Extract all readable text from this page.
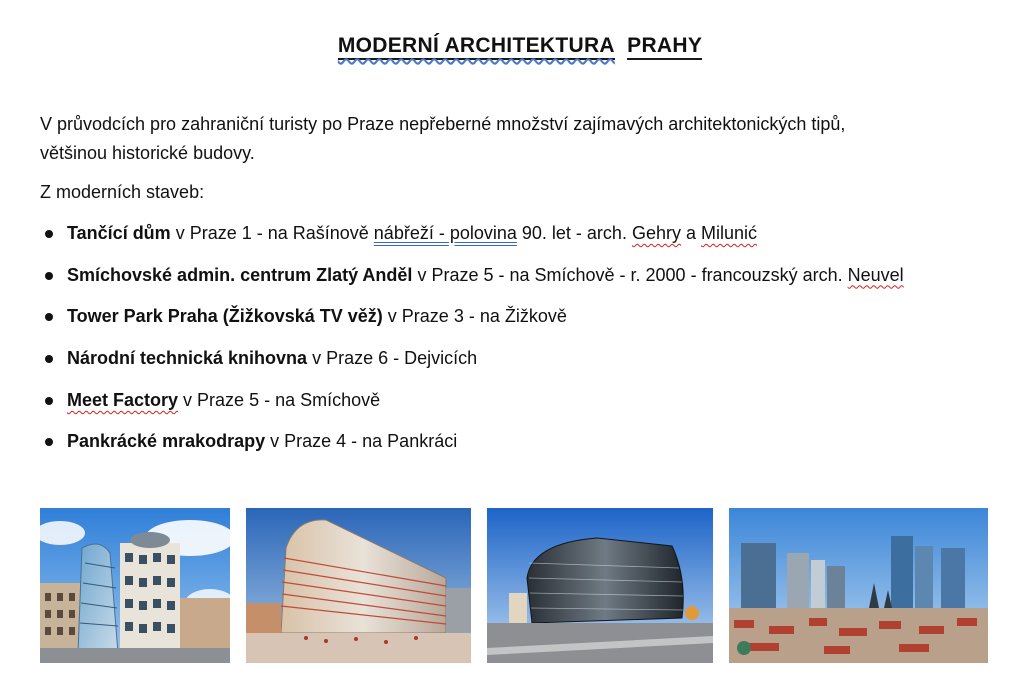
MODERNÍ ARCHITEKTURA PRAHY
V průvodcích pro zahraniční turisty po Praze nepřeberné množství zajímavých architektonických tipů,
většinou historické budovy.
Z moderních staveb:
Tančící dům v Praze 1 - na Rašínově nábřeží - polovina 90. let - arch. Gehry a Milunić
Smíchovské admin. centrum Zlatý Anděl v Praze 5 - na Smíchově - r. 2000 - francouzský arch. Neuvel
Tower Park Praha (Žižkovská TV věž) v Praze 3 - na Žižkově
Národní technická knihovna v Praze 6 - Dejvicích
Meet Factory v Praze 5 - na Smíchově
Pankrácké mrakodrapy v Praze 4 - na Pankráci
